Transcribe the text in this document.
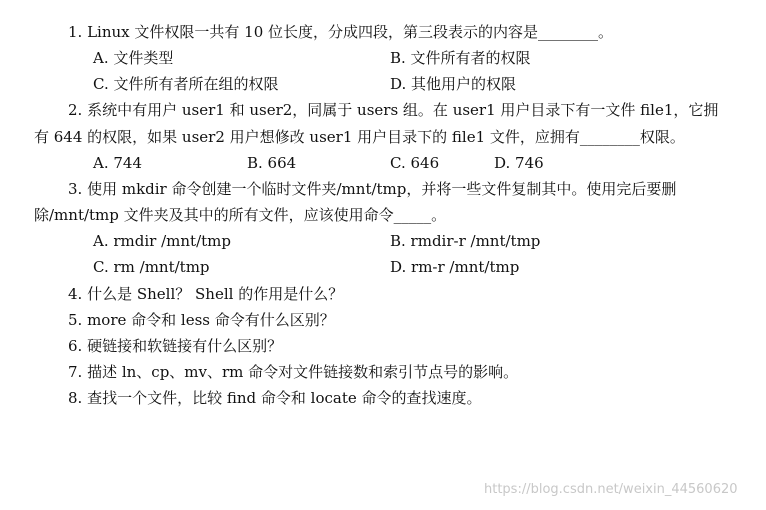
1. Linux 文件权限一共有 10 位长度，分成四段，第三段表示的内容是________。
A. 文件类型	B. 文件所有者的权限
C. 文件所有者所在组的权限	D. 其他用户的权限
2. 系统中有用户 user1 和 user2，同属于 users 组。在 user1 用户目录下有一文件 file1，它拥
有 644 的权限，如果 user2 用户想修改 user1 用户目录下的 file1 文件，应拥有________权限。
A. 744	B. 664	C. 646	D. 746
3. 使用 mkdir 命令创建一个临时文件夹/mnt/tmp，并将一些文件复制其中。使用完后要删
除/mnt/tmp 文件夹及其中的所有文件，应该使用命令_____。
A. rmdir /mnt/tmp	B. rmdir-r /mnt/tmp
C. rm /mnt/tmp	D. rm-r /mnt/tmp
4. 什么是 Shell？ Shell 的作用是什么？
5. more 命令和 less 命令有什么区别？
6. 硬链接和软链接有什么区别？
7. 描述 ln、cp、mv、rm 命令对文件链接数和索引节点号的影响。
8. 查找一个文件，比较 find 命令和 locate 命令的查找速度。
https://blog.csdn.net/weixin_44560620
